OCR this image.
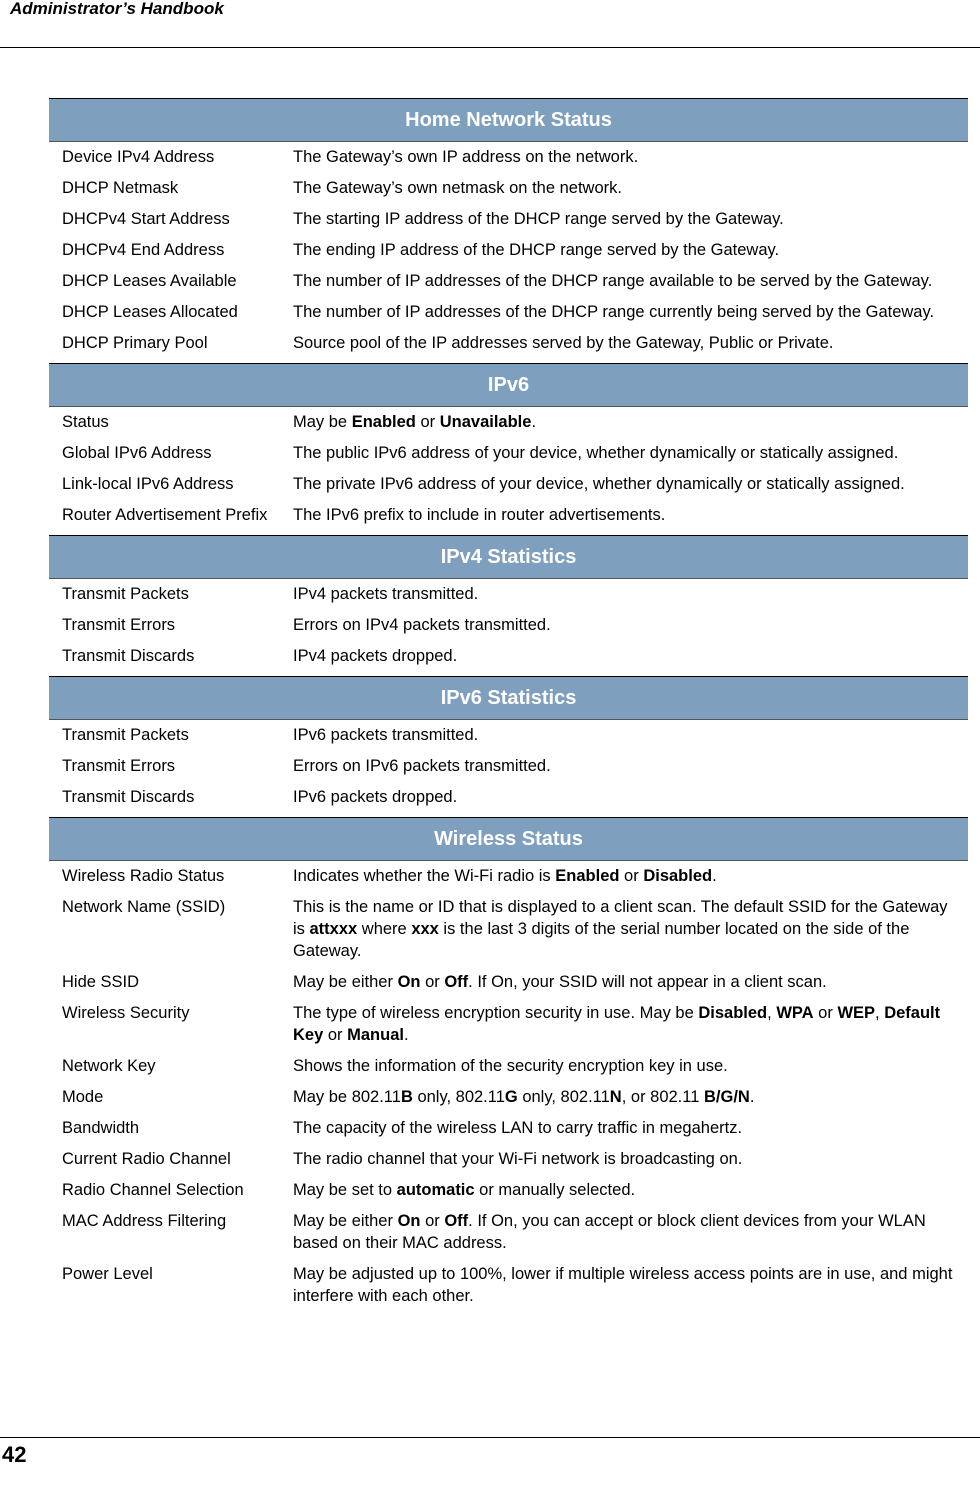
Administrator’s Handbook
Home Network Status	

Device IPv4 Address	The Gateway’s own IP address on the network.

DHCP Netmask	The Gateway’s own netmask on the network.

DHCPv4 Start Address	The starting IP address of the DHCP range served by the Gateway.

DHCPv4 End Address	The ending IP address of the DHCP range served by the Gateway.

DHCP Leases Available	The number of IP addresses of the DHCP range available to be served by the Gateway.

DHCP Leases Allocated	The number of IP addresses of the DHCP range currently being served by the Gateway.

DHCP Primary Pool	Source pool of the IP addresses served by the Gateway, Public or Private.

IPv6	

Status	May be Enabled or Unavailable.

Global IPv6 Address	The public IPv6 address of your device, whether dynamically or statically assigned.

Link-local IPv6 Address	The private IPv6 address of your device, whether dynamically or statically assigned.

Router Advertisement Prefix	The IPv6 prefix to include in router advertisements.

IPv4 Statistics	

Transmit Packets	IPv4 packets transmitted.

Transmit Errors	Errors on IPv4 packets transmitted.

Transmit Discards	IPv4 packets dropped.

IPv6 Statistics	

Transmit Packets	IPv6 packets transmitted.

Transmit Errors	Errors on IPv6 packets transmitted.

Transmit Discards	IPv6 packets dropped.

Wireless Status	

Wireless Radio Status	Indicates whether the Wi-Fi radio is Enabled or Disabled.

Network Name (SSID)	This is the name or ID that is displayed to a client scan. The default SSID for the Gateway is attxxx where xxx is the last 3 digits of the serial number located on the side of the Gateway.

Hide SSID	May be either On or Off. If On, your SSID will not appear in a client scan.

Wireless Security	The type of wireless encryption security in use. May be Disabled, WPA or WEP, Default Key or Manual.

Network Key	Shows the information of the security encryption key in use.

Mode	May be 802.11B only, 802.11G only, 802.11N, or 802.11 B/G/N.

Bandwidth	The capacity of the wireless LAN to carry traffic in megahertz.

Current Radio Channel	The radio channel that your Wi-Fi network is broadcasting on.

Radio Channel Selection	May be set to automatic or manually selected.

MAC Address Filtering	May be either On or Off. If On, you can accept or block client devices from your WLAN based on their MAC address.

Power Level	May be adjusted up to 100%, lower if multiple wireless access points are in use, and might interfere with each other.
42
